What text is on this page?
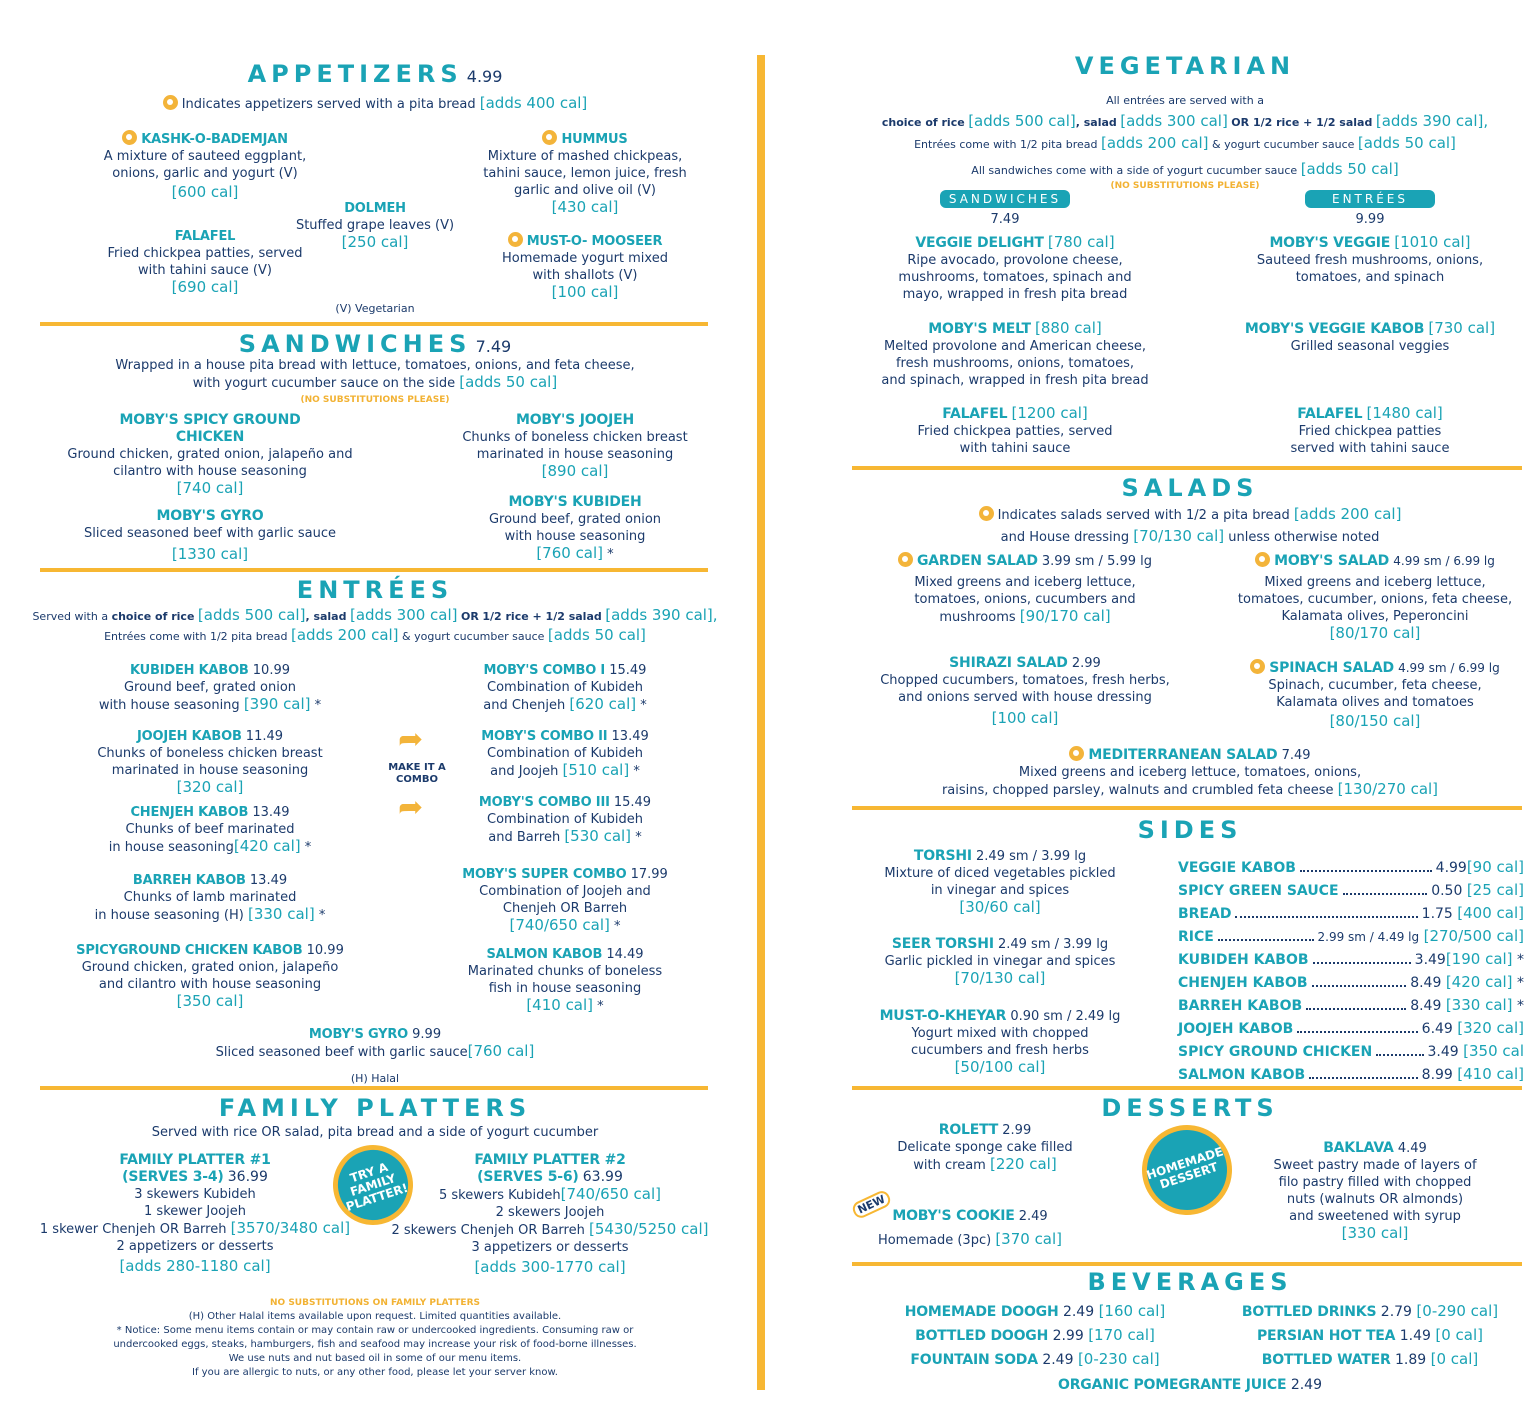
APPETIZERS 4.99
Indicates appetizers served with a pita bread [adds 400 cal]
KASHK-O-BADEMJAN
A mixture of sauteed eggplant,
onions, garlic and yogurt (V)
[600 cal]
HUMMUS
Mixture of mashed chickpeas,
tahini sauce, lemon juice, fresh
garlic and olive oil (V)
[430 cal]
DOLMEH
Stuffed grape leaves (V)
[250 cal]
FALAFEL
Fried chickpea patties, served
with tahini sauce (V)
[690 cal]
MUST-O- MOOSEER
Homemade yogurt mixed
with shallots (V)
[100 cal]
(V) Vegetarian
SANDWICHES 7.49
Wrapped in a house pita bread with lettuce, tomatoes, onions, and feta cheese,
with yogurt cucumber sauce on the side [adds 50 cal]
(NO SUBSTITUTIONS PLEASE)
MOBY'S SPICY GROUND
CHICKEN
Ground chicken, grated onion, jalapeño and
cilantro with house seasoning
[740 cal]
MOBY'S GYRO
Sliced seasoned beef with garlic sauce
[1330 cal]
MOBY'S JOOJEH
Chunks of boneless chicken breast
marinated in house seasoning
[890 cal]
MOBY'S KUBIDEH
Ground beef, grated onion
with house seasoning
[760 cal] *
ENTRÉES
Served with a choice of rice [adds 500 cal], salad [adds 300 cal] OR 1/2 rice + 1/2 salad [adds 390 cal],
Entrées come with 1/2 pita bread [adds 200 cal] & yogurt cucumber sauce [adds 50 cal]
KUBIDEH KABOB 10.99
Ground beef, grated onion
with house seasoning [390 cal] *
JOOJEH KABOB 11.49
Chunks of boneless chicken breast
marinated in house seasoning
[320 cal]
CHENJEH KABOB 13.49
Chunks of beef marinated
in house seasoning[420 cal] *
BARREH KABOB 13.49
Chunks of lamb marinated
in house seasoning (H) [330 cal] *
SPICYGROUND CHICKEN KABOB 10.99
Ground chicken, grated onion, jalapeño
and cilantro with house seasoning
[350 cal]
➦
MAKE IT A COMBO
➦
MOBY'S COMBO I 15.49
Combination of Kubideh
and Chenjeh [620 cal] *
MOBY'S COMBO II 13.49
Combination of Kubideh
and Joojeh [510 cal] *
MOBY'S COMBO III 15.49
Combination of Kubideh
and Barreh [530 cal] *
MOBY'S SUPER COMBO 17.99
Combination of Joojeh and
Chenjeh OR Barreh
[740/650 cal] *
SALMON KABOB 14.49
Marinated chunks of boneless
fish in house seasoning
[410 cal] *
MOBY'S GYRO 9.99
Sliced seasoned beef with garlic sauce[760 cal]
(H) Halal
FAMILY PLATTERS
Served with rice OR salad, pita bread and a side of yogurt cucumber
FAMILY PLATTER #1
(SERVES 3-4) 36.99
3 skewers Kubideh
1 skewer Joojeh
1 skewer Chenjeh OR Barreh [3570/3480 cal]
2 appetizers or desserts
[adds 280-1180 cal]
TRY A FAMILY PLATTER!
FAMILY PLATTER #2
(SERVES 5-6) 63.99
5 skewers Kubideh[740/650 cal]
2 skewers Joojeh
2 skewers Chenjeh OR Barreh [5430/5250 cal]
3 appetizers or desserts
[adds 300-1770 cal]
NO SUBSTITUTIONS ON FAMILY PLATTERS
(H) Other Halal items available upon request. Limited quantities available.
* Notice: Some menu items contain or may contain raw or undercooked ingredients. Consuming raw or
undercooked eggs, steaks, hamburgers, fish and seafood may increase your risk of food-borne illnesses.
We use nuts and nut based oil in some of our menu items.
If you are allergic to nuts, or any other food, please let your server know.
VEGETARIAN
All entrées are served with a
choice of rice [adds 500 cal], salad [adds 300 cal] OR 1/2 rice + 1/2 salad [adds 390 cal],
Entrées come with 1/2 pita bread [adds 200 cal] & yogurt cucumber sauce [adds 50 cal]
All sandwiches come with a side of yogurt cucumber sauce [adds 50 cal]
(NO SUBSTITUTIONS PLEASE)
SANDWICHES
7.49
ENTRÉES
9.99
VEGGIE DELIGHT [780 cal]
Ripe avocado, provolone cheese,
mushrooms, tomatoes, spinach and
mayo, wrapped in fresh pita bread
MOBY'S MELT [880 cal]
Melted provolone and American cheese,
fresh mushrooms, onions, tomatoes,
and spinach, wrapped in fresh pita bread
FALAFEL [1200 cal]
Fried chickpea patties, served
with tahini sauce
MOBY'S VEGGIE [1010 cal]
Sauteed fresh mushrooms, onions,
tomatoes, and spinach
MOBY'S VEGGIE KABOB [730 cal]
Grilled seasonal veggies
FALAFEL [1480 cal]
Fried chickpea patties
served with tahini sauce
SALADS
Indicates salads served with 1/2 a pita bread [adds 200 cal]
and House dressing [70/130 cal] unless otherwise noted
GARDEN SALAD 3.99 sm / 5.99 lg
Mixed greens and iceberg lettuce,
tomatoes, onions, cucumbers and
mushrooms [90/170 cal]
MOBY'S SALAD 4.99 sm / 6.99 lg
Mixed greens and iceberg lettuce,
tomatoes, cucumber, onions, feta cheese,
Kalamata olives, Peperoncini
[80/170 cal]
SHIRAZI SALAD 2.99
Chopped cucumbers, tomatoes, fresh herbs,
and onions served with house dressing
[100 cal]
SPINACH SALAD 4.99 sm / 6.99 lg
Spinach, cucumber, feta cheese,
Kalamata olives and tomatoes
[80/150 cal]
MEDITERRANEAN SALAD 7.49
Mixed greens and iceberg lettuce, tomatoes, onions,
raisins, chopped parsley, walnuts and crumbled feta cheese [130/270 cal]
SIDES
TORSHI 2.49 sm / 3.99 lg
Mixture of diced vegetables pickled
in vinegar and spices
[30/60 cal]
SEER TORSHI 2.49 sm / 3.99 lg
Garlic pickled in vinegar and spices
[70/130 cal]
MUST-O-KHEYAR 0.90 sm / 2.49 lg
Yogurt mixed with chopped
cucumbers and fresh herbs
[50/100 cal]
VEGGIE KABOB	4.99[90 cal]
SPICY GREEN SAUCE	0.50 [25 cal]
BREAD	1.75 [400 cal]
RICE	2.99 sm / 4.49 lg [270/500 cal]
KUBIDEH KABOB	3.49[190 cal] *
CHENJEH KABOB	8.49 [420 cal] *
BARREH KABOB	8.49 [330 cal] *
JOOJEH KABOB	6.49 [320 cal]
SPICY GROUND CHICKEN	3.49 [350 cal
SALMON KABOB	8.99 [410 cal]
DESSERTS
ROLETT 2.99
Delicate sponge cake filled
with cream [220 cal]
NEW MOBY'S COOKIE 2.49
Homemade (3pc) [370 cal]
HOMEMADE DESSERT
BAKLAVA 4.49
Sweet pastry made of layers of
filo pastry filled with chopped
nuts (walnuts OR almonds)
and sweetened with syrup
[330 cal]
BEVERAGES
HOMEMADE DOOGH 2.49 [160 cal]
BOTTLED DOOGH 2.99 [170 cal]
FOUNTAIN SODA 2.49 [0-230 cal]
BOTTLED DRINKS 2.79 [0-290 cal]
PERSIAN HOT TEA 1.49 [0 cal]
BOTTLED WATER 1.89 [0 cal]
ORGANIC POMEGRANTE JUICE 2.49
